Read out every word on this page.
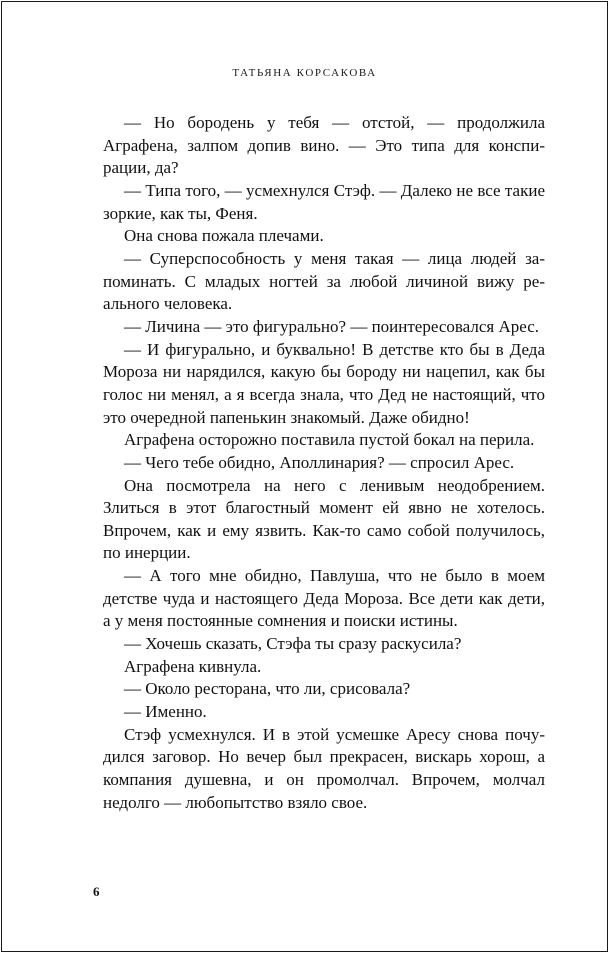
ТАТЬЯНА КОРСАКОВА

— Но бородень у тебя — отстой, — продолжила Аграфена, залпом допив вино. — Это типа для конспирации, да?

— Типа того, — усмехнулся Стэф. — Далеко не все такие зоркие, как ты, Феня.

Она снова пожала плечами.

— Суперспособность у меня такая — лица людей запоминать. С младых ногтей за любой личиной вижу реального человека.

— Личина — это фигурально? — поинтересовался Арес.

— И фигурально, и буквально! В детстве кто бы в Деда Мороза ни нарядился, какую бы бороду ни нацепил, как бы голос ни менял, а я всегда знала, что Дед не настоящий, что это очередной папенькин знакомый. Даже обидно!

Аграфена осторожно поставила пустой бокал на перила.

— Чего тебе обидно, Аполлинария? — спросил Арес.

Она посмотрела на него с ленивым неодобрением. Злиться в этот благостный момент ей явно не хотелось. Впрочем, как и ему язвить. Как-то само собой получилось, по инерции.

— А того мне обидно, Павлуша, что не было в моем детстве чуда и настоящего Деда Мороза. Все дети как дети, а у меня постоянные сомнения и поиски истины.

— Хочешь сказать, Стэфа ты сразу раскусила?

Аграфена кивнула.

— Около ресторана, что ли, срисовала?

— Именно.

Стэф усмехнулся. И в этой усмешке Аресу снова почудился заговор. Но вечер был прекрасен, вискарь хорош, а компания душевна, и он промолчал. Впрочем, молчал недолго — любопытство взяло свое.

6
